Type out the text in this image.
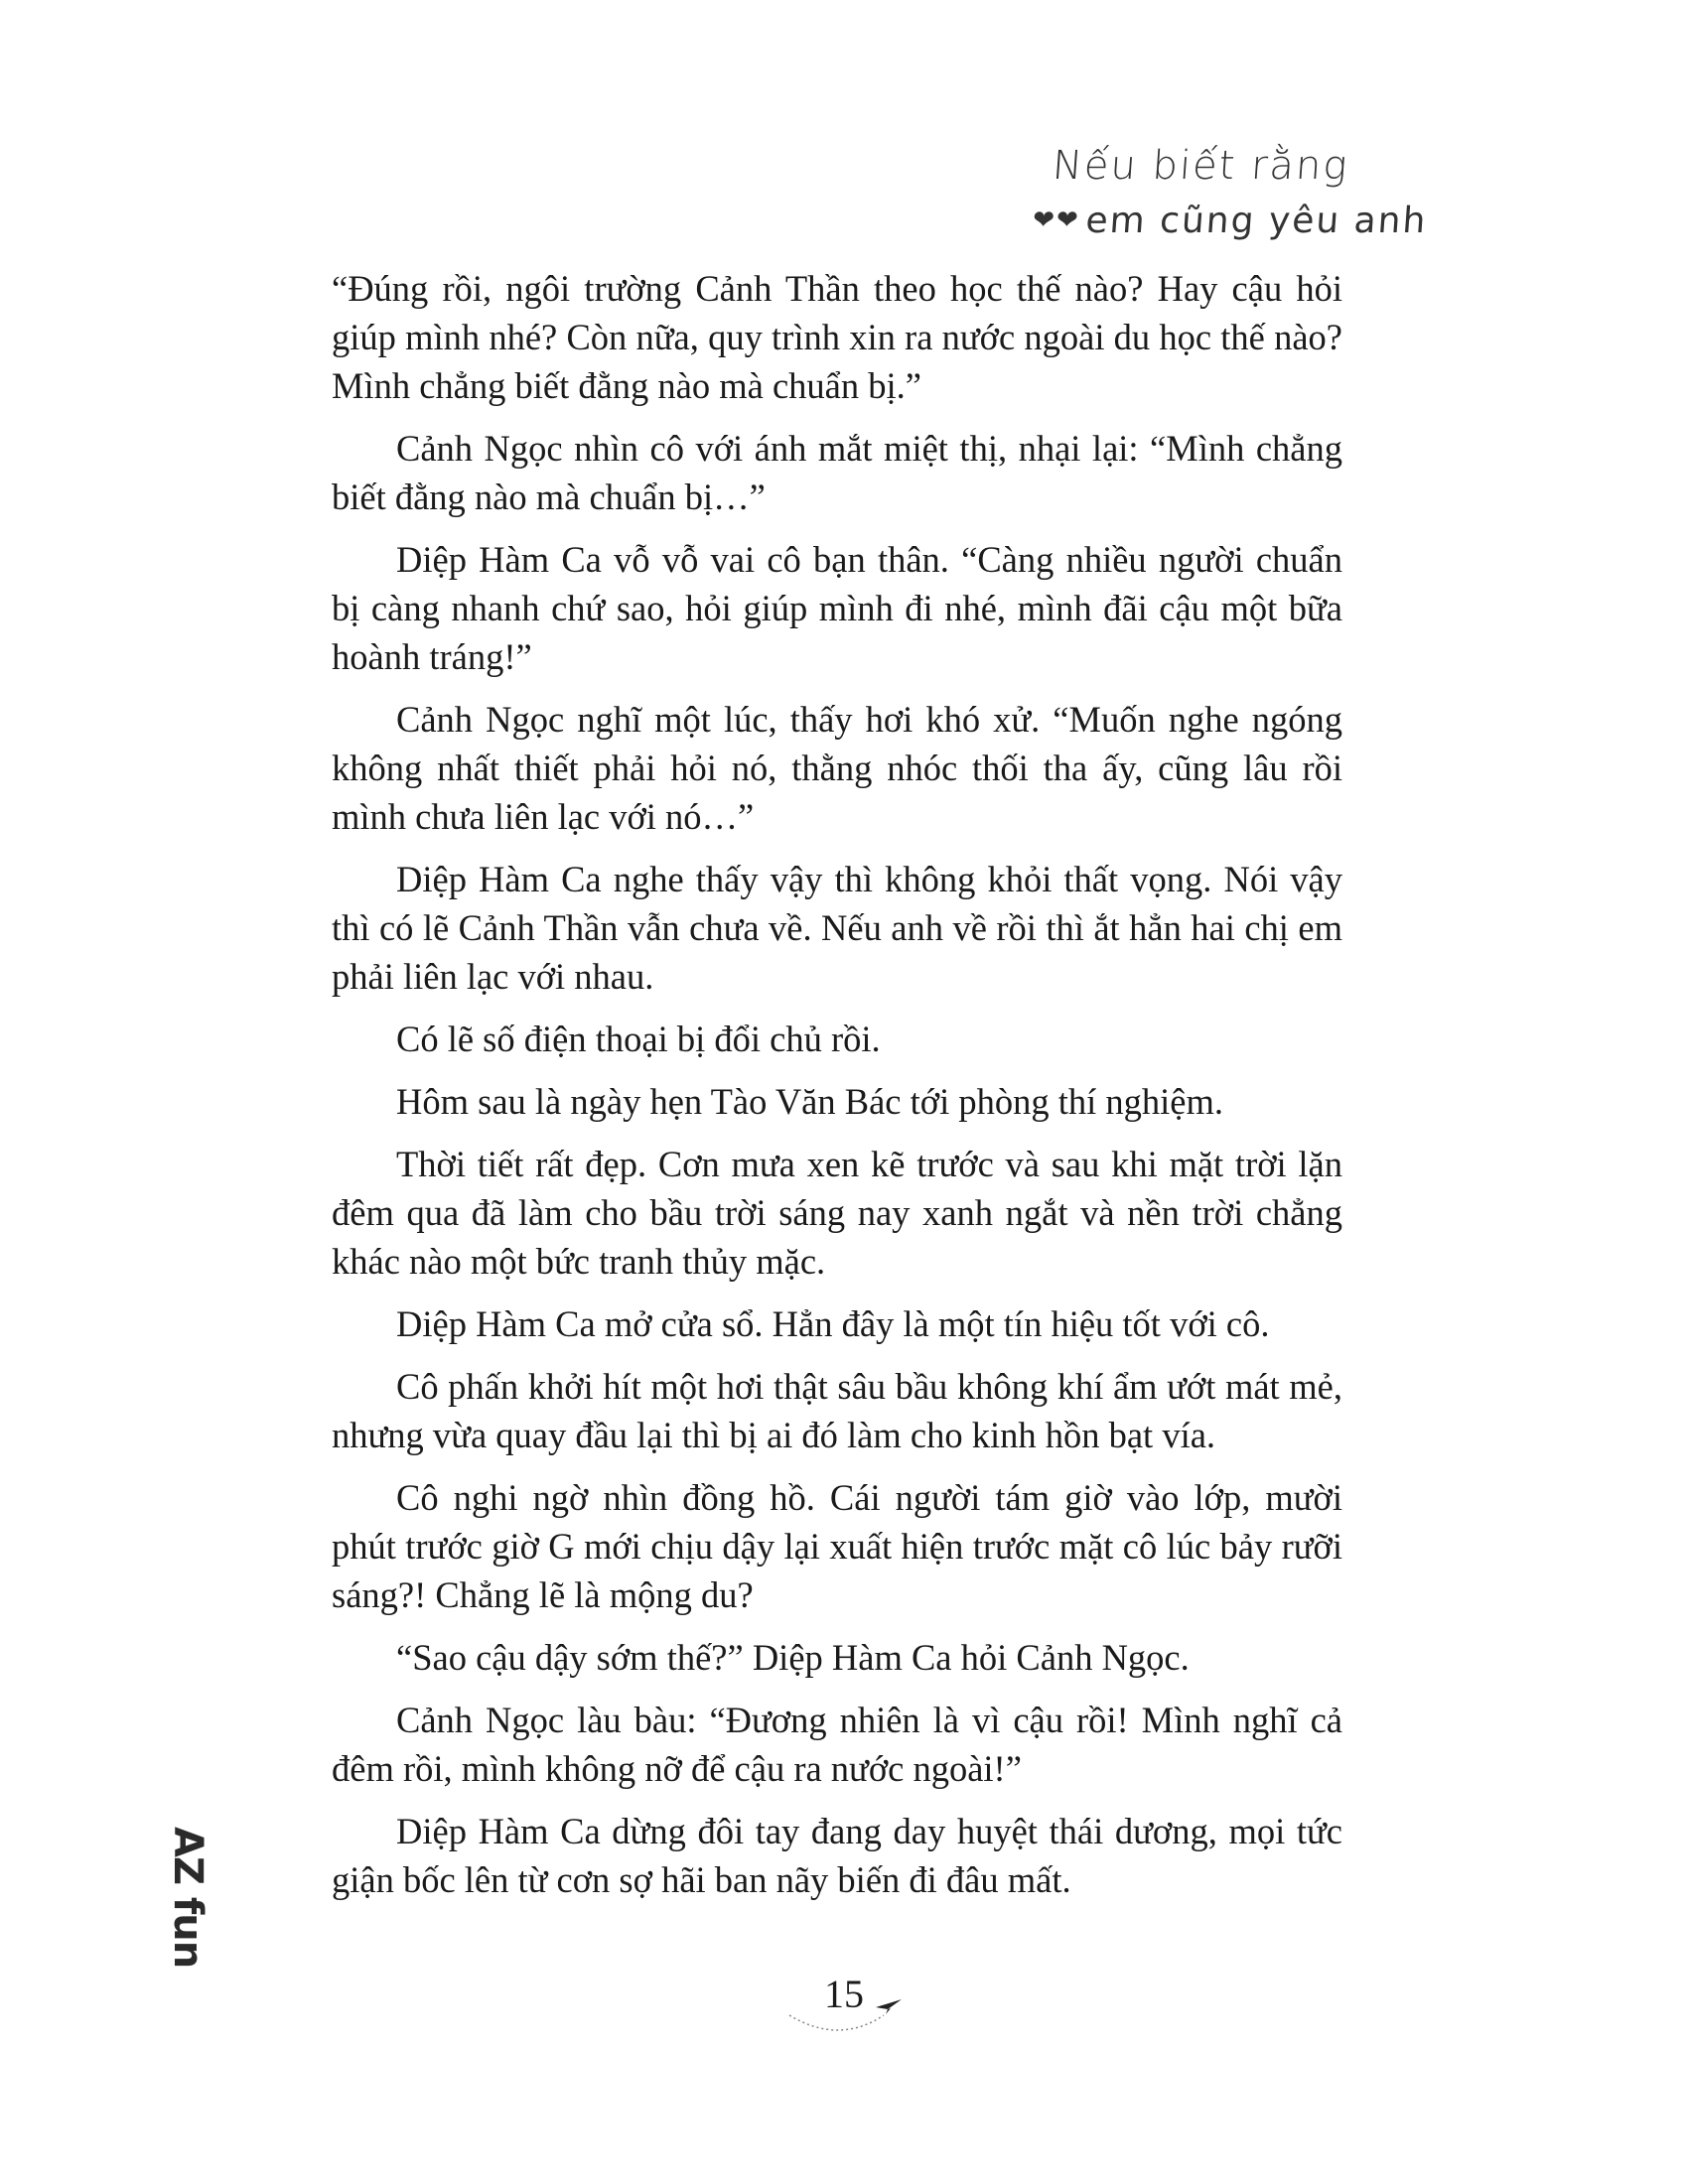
Nếu biết rằng
❤❤em cũng yêu anh

“Đúng rồi, ngôi trường Cảnh Thần theo học thế nào? Hay cậu hỏi giúp mình nhé? Còn nữa, quy trình xin ra nước ngoài du học thế nào? Mình chẳng biết đằng nào mà chuẩn bị.”

Cảnh Ngọc nhìn cô với ánh mắt miệt thị, nhại lại: “Mình chẳng biết đằng nào mà chuẩn bị…”

Diệp Hàm Ca vỗ vỗ vai cô bạn thân. “Càng nhiều người chuẩn bị càng nhanh chứ sao, hỏi giúp mình đi nhé, mình đãi cậu một bữa hoành tráng!”

Cảnh Ngọc nghĩ một lúc, thấy hơi khó xử. “Muốn nghe ngóng không nhất thiết phải hỏi nó, thằng nhóc thối tha ấy, cũng lâu rồi mình chưa liên lạc với nó…”

Diệp Hàm Ca nghe thấy vậy thì không khỏi thất vọng. Nói vậy thì có lẽ Cảnh Thần vẫn chưa về. Nếu anh về rồi thì ắt hẳn hai chị em phải liên lạc với nhau.

Có lẽ số điện thoại bị đổi chủ rồi.

Hôm sau là ngày hẹn Tào Văn Bác tới phòng thí nghiệm.

Thời tiết rất đẹp. Cơn mưa xen kẽ trước và sau khi mặt trời lặn đêm qua đã làm cho bầu trời sáng nay xanh ngắt và nền trời chẳng khác nào một bức tranh thủy mặc.

Diệp Hàm Ca mở cửa sổ. Hẳn đây là một tín hiệu tốt với cô.

Cô phấn khởi hít một hơi thật sâu bầu không khí ẩm ướt mát mẻ, nhưng vừa quay đầu lại thì bị ai đó làm cho kinh hồn bạt vía.

Cô nghi ngờ nhìn đồng hồ. Cái người tám giờ vào lớp, mười phút trước giờ G mới chịu dậy lại xuất hiện trước mặt cô lúc bảy rưỡi sáng?! Chẳng lẽ là mộng du?

“Sao cậu dậy sớm thế?” Diệp Hàm Ca hỏi Cảnh Ngọc.

Cảnh Ngọc làu bàu: “Đương nhiên là vì cậu rồi! Mình nghĩ cả đêm rồi, mình không nỡ để cậu ra nước ngoài!”

Diệp Hàm Ca dừng đôi tay đang day huyệt thái dương, mọi tức giận bốc lên từ cơn sợ hãi ban nãy biến đi đâu mất.

AZ fun
15
